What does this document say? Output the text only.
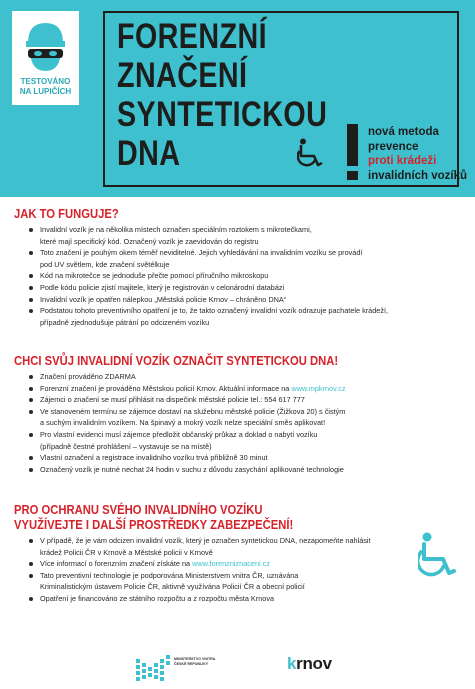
TESTOVÁNO
NA LUPIČÍCH
FORENZNÍ
ZNAČENÍ
SYNTETICKOU
DNA
nová metoda
prevence
proti krádeži
invalidních vozíků
JAK TO FUNGUJE?
Invalidní vozík je na několika místech označen speciálním roztokem s mikrotečkami,
které mají specifický kód. Označený vozík je zaevidován do registru
Toto značení je pouhým okem téměř neviditelné. Jejich vyhledávání na invalidním vozíku se provádí
pod UV světlem, kde značení světélkuje
Kód na mikrotečce se jednoduše přečte pomocí příručního mikroskopu
Podle kódu policie zjistí majitele, který je registrován v celonárodní databázi
Invalidní vozík je opatřen nálepkou „Městská policie Krnov – chráněno DNA“
Podstatou tohoto preventivního opatření je to, že takto označený invalidní vozík odrazuje pachatele krádeží,
případně zjednodušuje pátrání po odcizeném vozíku
CHCI SVŮJ INVALIDNÍ VOZÍK OZNAČIT SYNTETICKOU DNA!
Značení prováděno ZDARMA
Forenzní značení je prováděno Městskou policií Krnov. Aktuální informace na www.mpkrnov.cz
Zájemci o značení se musí přihlásit na dispečink městské policie tel.: 554 617 777
Ve stanoveném termínu se zájemce dostaví na služebnu městské policie (Žižkova 20) s čistým
a suchým invalidním vozíkem. Na špinavý a mokrý vozík nelze speciální směs aplikovat!
Pro vlastní evidenci musí zájemce předložit občanský průkaz a doklad o nabytí vozíku
(případně čestné prohlášení – vystavuje se na místě)
Vlastní označení a registrace invalidního vozíku trvá přibližně 30 minut
Označený vozík je nutné nechat 24 hodin v suchu z důvodu zasychání aplikované technologie
PRO OCHRANU SVÉHO INVALIDNÍHO VOZÍKU
VYUŽÍVEJTE I DALŠÍ PROSTŘEDKY ZABEZPEČENÍ!
V případě, že je vám odcizen invalidní vozík, který je označen syntetickou DNA, nezapomeňte nahlásit
krádež Policii ČR v Krnově a Městské policii v Krnově
Více informací o forenzním značení získáte na www.forenzniznaceni.cz
Tato preventivní technologie je podporována Ministerstvem vnitra ČR, uznávána
Kriminalistickým ústavem Policie ČR, aktivně využívána Policií ČR a obecní policií
Opatření je financováno ze státního rozpočtu a z rozpočtu města Krnova
MINISTERSTVO VNITRA
ČESKÉ REPUBLIKY	krnov
